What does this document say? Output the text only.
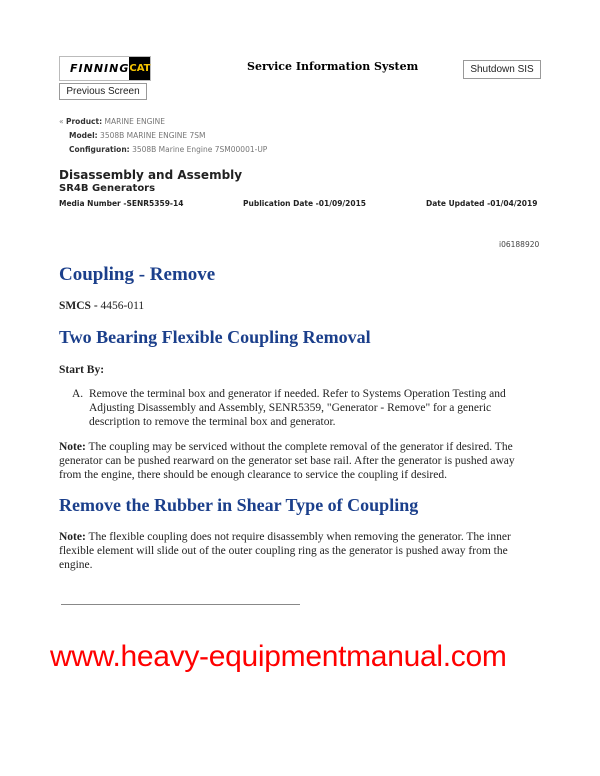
FINNING CAT	Service Information System	Shutdown SIS
Previous Screen
« Product: MARINE ENGINE
Model: 3508B MARINE ENGINE 7SM
Configuration: 3508B Marine Engine 7SM00001-UP
Disassembly and Assembly
SR4B Generators
Media Number -SENR5359-14	Publication Date -01/09/2015	Date Updated -01/04/2019
i06188920
Coupling - Remove
SMCS - 4456-011
Two Bearing Flexible Coupling Removal
Start By:
A. Remove the terminal box and generator if needed. Refer to Systems Operation Testing and Adjusting Disassembly and Assembly, SENR5359, "Generator - Remove" for a generic description to remove the terminal box and generator.
Note: The coupling may be serviced without the complete removal of the generator if desired. The generator can be pushed rearward on the generator set base rail. After the generator is pushed away from the engine, there should be enough clearance to service the coupling if desired.
Remove the Rubber in Shear Type of Coupling
Note: The flexible coupling does not require disassembly when removing the generator. The inner flexible element will slide out of the outer coupling ring as the generator is pushed away from the engine.
www.heavy-equipmentmanual.com
